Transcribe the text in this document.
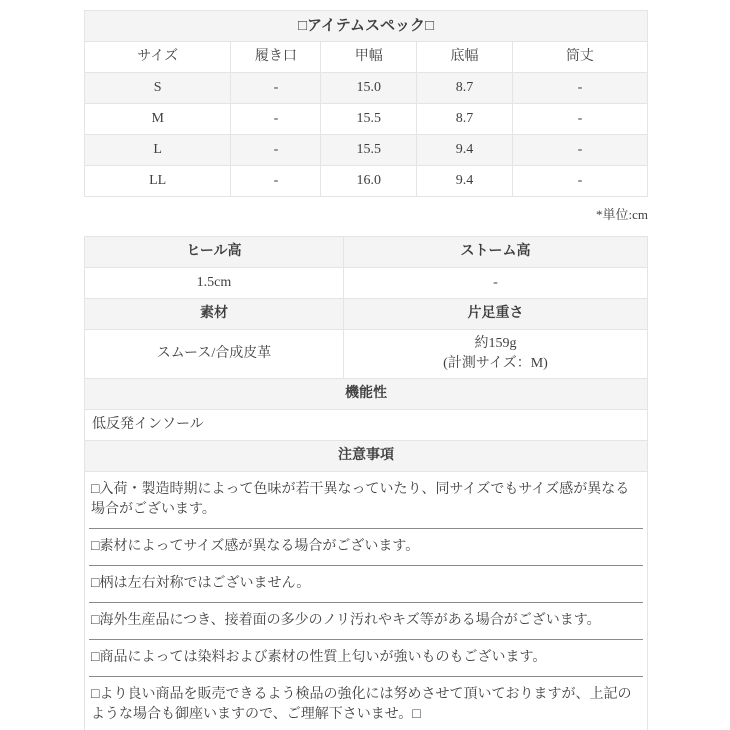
□アイテムスペック□				
サイズ	履き口	甲幅	底幅	筒丈
S	-	15.0	8.7	-
M	-	15.5	8.7	-
L	-	15.5	9.4	-
LL	-	16.0	9.4	-
*単位:cm
ヒール高	ストーム高
1.5cm	-
素材	片足重さ
スムース/合成皮革	約159g
(計測サイズ：M)

機能性	
低反発インソール	
注意事項	

□入荷・製造時期によって色味が若干異なっていたり、同サイズでもサイズ感が異なる場合がございます。
□素材によってサイズ感が異なる場合がございます。
□柄は左右対称ではございません。
□海外生産品につき、接着面の多少のノリ汚れやキズ等がある場合がございます。
□商品によっては染料および素材の性質上匂いが強いものもございます。
□より良い商品を販売できるよう検品の強化には努めさせて頂いておりますが、上記のような場合も御座いますので、ご理解下さいませ。□
